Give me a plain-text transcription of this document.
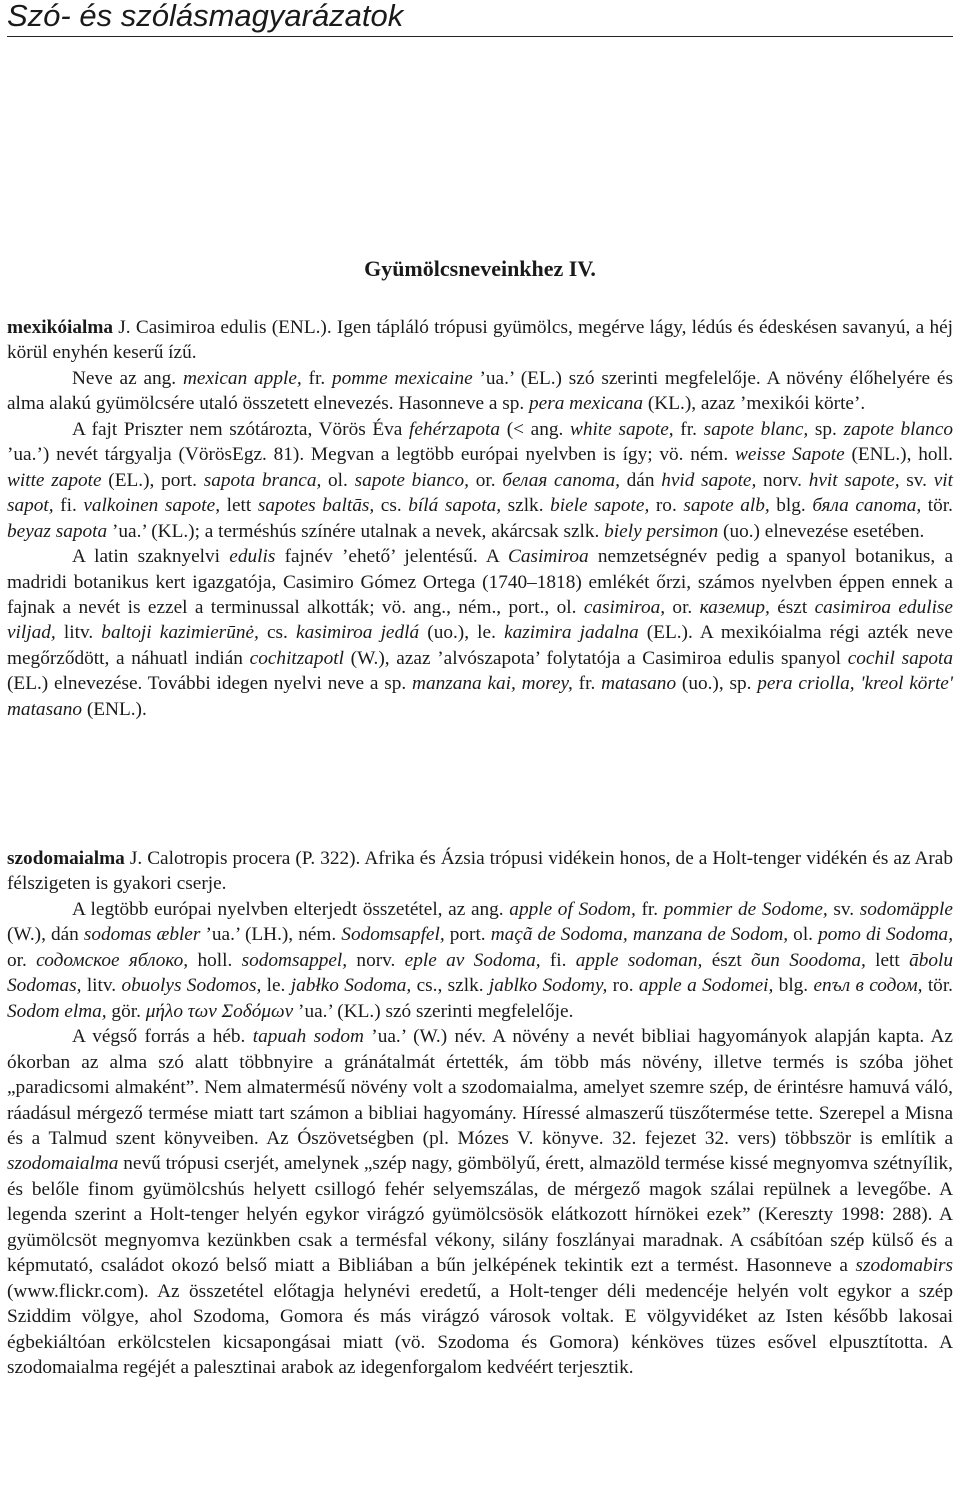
Szó- és szólásmagyarázatok
Gyümölcsneveinkhez IV.

mexikóialma J. Casimiroa edulis (ENL.). Igen tápláló trópusi gyümölcs, megérve lágy, lédús és édeskésen savanyú, a héj körül enyhén keserű ízű.

Neve az ang. mexican apple, fr. pomme mexicaine ’ua.’ (EL.) szó szerinti megfelelője. A növény élőhelyére és alma alakú gyümölcsére utaló összetett elnevezés. Hasonneve a sp. pera mexicana (KL.), azaz ’mexikói körte’.

A fajt Priszter nem szótározta, Vörös Éva fehérzapota (< ang. white sapote, fr. sapote blanc, sp. zapote blanco ’ua.’) nevét tárgyalja (VörösEgz. 81). Megvan a legtöbb európai nyelvben is így; vö. ném. weisse Sapote (ENL.), holl. witte zapote (EL.), port. sapota branca, ol. sapote bianco, or. белая canoma, dán hvid sapote, norv. hvit sapote, sv. vit sapot, fi. valkoinen sapote, lett sapotes baltās, cs. bílá sapota, szlk. biele sapote, ro. sapote alb, blg. бяла canoma, tör. beyaz sapota ’ua.’ (KL.); a terméshús színére utalnak a nevek, akárcsak szlk. biely persimon (uo.) elnevezése esetében.

A latin szaknyelvi edulis fajnév ’ehető’ jelentésű. A Casimiroa nemzetségnév pedig a spanyol botanikus, a madridi botanikus kert igazgatója, Casimiro Gómez Ortega (1740–1818) emlékét őrzi, számos nyelvben éppen ennek a fajnak a nevét is ezzel a terminussal alkották; vö. ang., ném., port., ol. casimiroa, or. каземир, észt casimiroa edulise viljad, litv. baltoji kazimierūnė, cs. kasimiroa jedlá (uo.), le. kazimira jadalna (EL.). A mexikóialma régi azték neve megőrződött, a náhuatl indián cochitzapotl (W.), azaz ’alvószapota’ folytatója a Casimiroa edulis spanyol cochil sapota (EL.) elnevezése. További idegen nyelvi neve a sp. manzana kai, morey, fr. matasano (uo.), sp. pera criolla, 'kreol körte' matasano (ENL.).

szodomaialma J. Calotropis procera (P. 322). Afrika és Ázsia trópusi vidékein honos, de a Holt-tenger vidékén és az Arab félszigeten is gyakori cserje.

A legtöbb európai nyelvben elterjedt összetétel, az ang. apple of Sodom, fr. pommier de Sodome, sv. sodomäpple (W.), dán sodomas æbler ’ua.’ (LH.), ném. Sodomsapfel, port. maçã de Sodoma, manzana de Sodom, ol. pomo di Sodoma, or. содомское яблоко, holl. sodomsappel, norv. eple av Sodoma, fi. apple sodoman, észt õun Soodoma, lett ābolu Sodomas, litv. obuolys Sodomos, le. jabłko Sodoma, cs., szlk. jablko Sodomy, ro. apple a Sodomei, blg. епъл в содом, tör. Sodom elma, gör. μήλο των Σοδόμων ’ua.’ (KL.) szó szerinti megfelelője.

A végső forrás a héb. tapuah sodom ’ua.’ (W.) név. A növény a nevét bibliai hagyományok alapján kapta. Az ókorban az alma szó alatt többnyire a gránátalmát értették, ám több más növény, illetve termés is szóba jöhet „paradicsomi almaként”. Nem almatermésű növény volt a szodomaialma, amelyet szemre szép, de érintésre hamuvá váló, ráadásul mérgező termése miatt tart számon a bibliai hagyomány. Híressé almaszerű tüszőtermése tette. Szerepel a Misna és a Talmud szent könyveiben. Az Ószövetségben (pl. Mózes V. könyve. 32. fejezet 32. vers) többször is említik a szodomaialma nevű trópusi cserjét, amelynek „szép nagy, gömbölyű, érett, almazöld termése kissé megnyomva szétnyílik, és belőle finom gyümölcshús helyett csillogó fehér selyemszálas, de mérgező magok szálai repülnek a levegőbe. A legenda szerint a Holt-tenger helyén egykor virágzó gyümölcsösök elátkozott hírnökei ezek” (Kereszty 1998: 288). A gyümölcsöt megnyomva kezünkben csak a termésfal vékony, silány foszlányai maradnak. A csábítóan szép külső és a képmutató, családot okozó belső miatt a Bibliában a bűn jelképének tekintik ezt a termést. Hasonneve a szodomabirs (www.flickr.com). Az összetétel előtagja helynévi eredetű, a Holt-tenger déli medencéje helyén volt egykor a szép Sziddim völgye, ahol Szodoma, Gomora és más virágzó városok voltak. E völgyvidéket az Isten később lakosai égbekiáltóan erkölcstelen kicsapongásai miatt (vö. Szodoma és Gomora) kénköves tüzes esővel elpusztította. A szodomaialma regéjét a palesztinai arabok az idegenforgalom kedvéért terjesztik.
